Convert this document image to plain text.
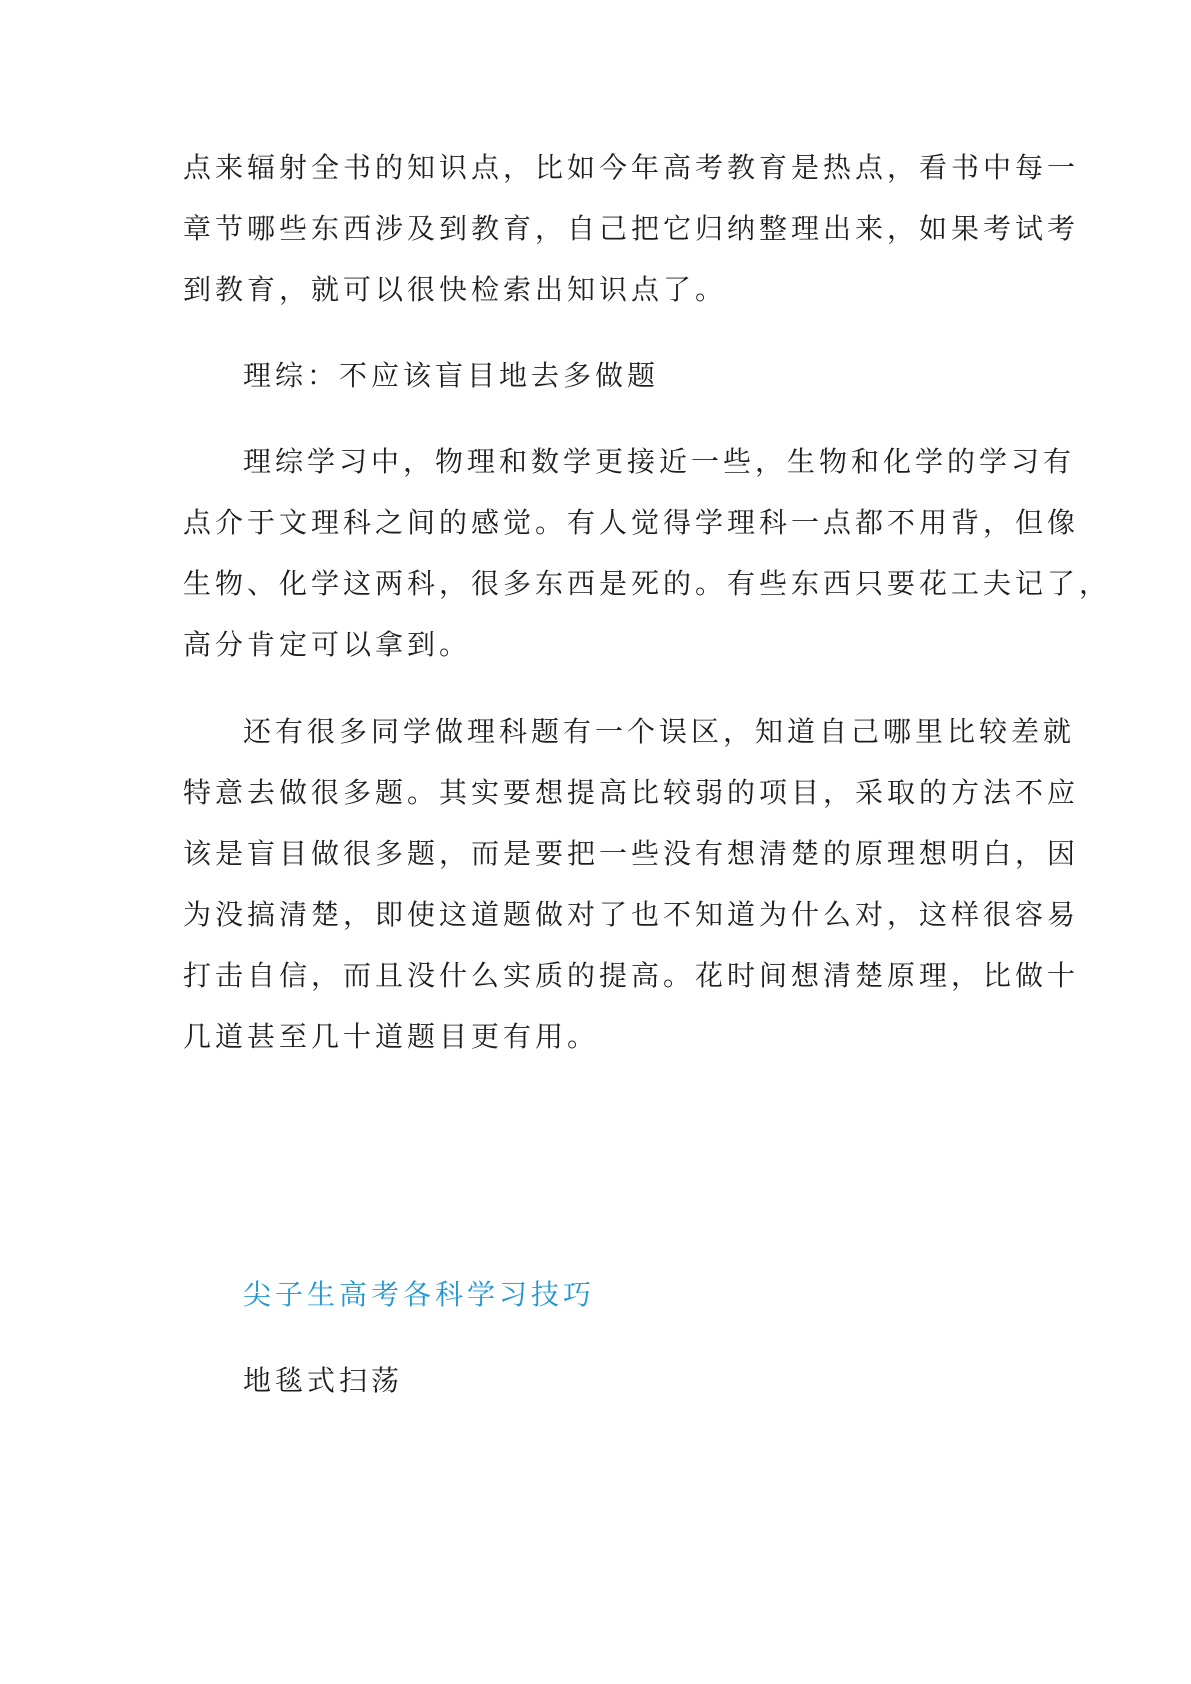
点来辐射全书的知识点，比如今年高考教育是热点，看书中每一
章节哪些东西涉及到教育，自己把它归纳整理出来，如果考试考
到教育，就可以很快检索出知识点了。
理综：不应该盲目地去多做题
理综学习中，物理和数学更接近一些，生物和化学的学习有
点介于文理科之间的感觉。有人觉得学理科一点都不用背，但像
生物、化学这两科，很多东西是死的。有些东西只要花工夫记了，
高分肯定可以拿到。
还有很多同学做理科题有一个误区，知道自己哪里比较差就
特意去做很多题。其实要想提高比较弱的项目，采取的方法不应
该是盲目做很多题，而是要把一些没有想清楚的原理想明白，因
为没搞清楚，即使这道题做对了也不知道为什么对，这样很容易
打击自信，而且没什么实质的提高。花时间想清楚原理，比做十
几道甚至几十道题目更有用。
尖子生高考各科学习技巧
地毯式扫荡
